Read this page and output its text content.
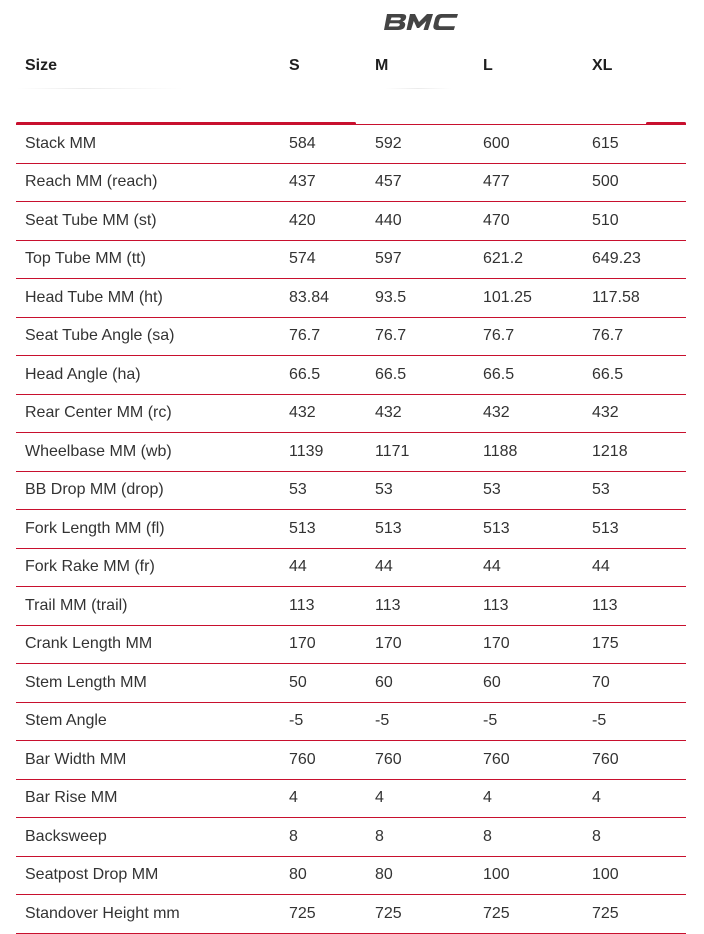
Size	S	M	L	XL

Stack MM	584	592	600	615
Reach MM (reach)	437	457	477	500
Seat Tube MM (st)	420	440	470	510
Top Tube MM (tt)	574	597	621.2	649.23
Head Tube MM (ht)	83.84	93.5	101.25	117.58
Seat Tube Angle (sa)	76.7	76.7	76.7	76.7
Head Angle (ha)	66.5	66.5	66.5	66.5
Rear Center MM (rc)	432	432	432	432
Wheelbase MM (wb)	1139	1171	1188	1218
BB Drop MM (drop)	53	53	53	53
Fork Length MM (fl)	513	513	513	513
Fork Rake MM (fr)	44	44	44	44
Trail MM (trail)	113	113	113	113
Crank Length MM	170	170	170	175
Stem Length MM	50	60	60	70
Stem Angle	-5	-5	-5	-5
Bar Width MM	760	760	760	760
Bar Rise MM	4	4	4	4
Backsweep	8	8	8	8
Seatpost Drop MM	80	80	100	100
Standover Height mm	725	725	725	725
